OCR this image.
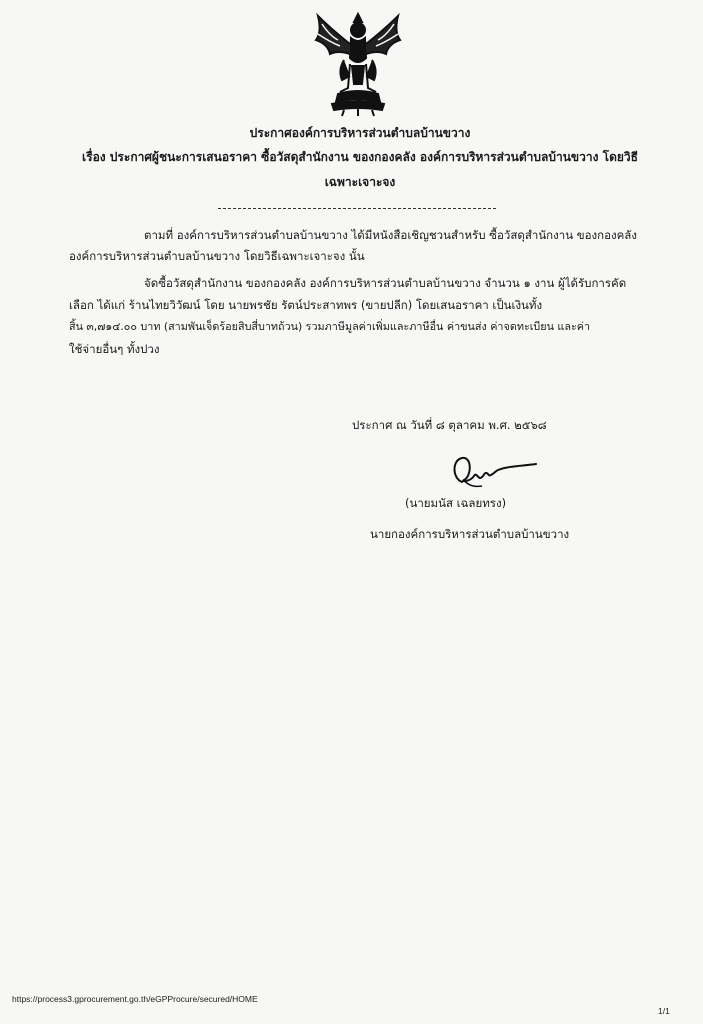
ประกาศองค์การบริหารส่วนตำบลบ้านขวาง
เรื่อง ประกาศผู้ชนะการเสนอราคา ซื้อวัสดุสำนักงาน ของกองคลัง องค์การบริหารส่วนตำบลบ้านขวาง โดยวิธี
เฉพาะเจาะจง
ตามที่ องค์การบริหารส่วนตำบลบ้านขวาง ได้มีหนังสือเชิญชวนสำหรับ ซื้อวัสดุสำนักงาน ของกองคลัง
องค์การบริหารส่วนตำบลบ้านขวาง โดยวิธีเฉพาะเจาะจง นั้น
จัดซื้อวัสดุสำนักงาน ของกองคลัง องค์การบริหารส่วนตำบลบ้านขวาง จำนวน ๑ งาน ผู้ได้รับการคัด
เลือก ได้แก่ ร้านไทยวิวัฒน์ โดย นายพรชัย รัตน์ประสาทพร (ขายปลีก) โดยเสนอราคา เป็นเงินทั้ง
สิ้น ๓,๗๑๔.๐๐ บาท (สามพันเจ็ดร้อยสิบสี่บาทถ้วน) รวมภาษีมูลค่าเพิ่มและภาษีอื่น ค่าขนส่ง ค่าจดทะเบียน และค่า
ใช้จ่ายอื่นๆ ทั้งปวง
ประกาศ ณ วันที่ ๘ ตุลาคม พ.ศ. ๒๕๖๘
(นายมนัส เฉลยทรง)
นายกองค์การบริหารส่วนตำบลบ้านขวาง
https://process3.gprocurement.go.th/eGPProcure/secured/HOME
1/1
